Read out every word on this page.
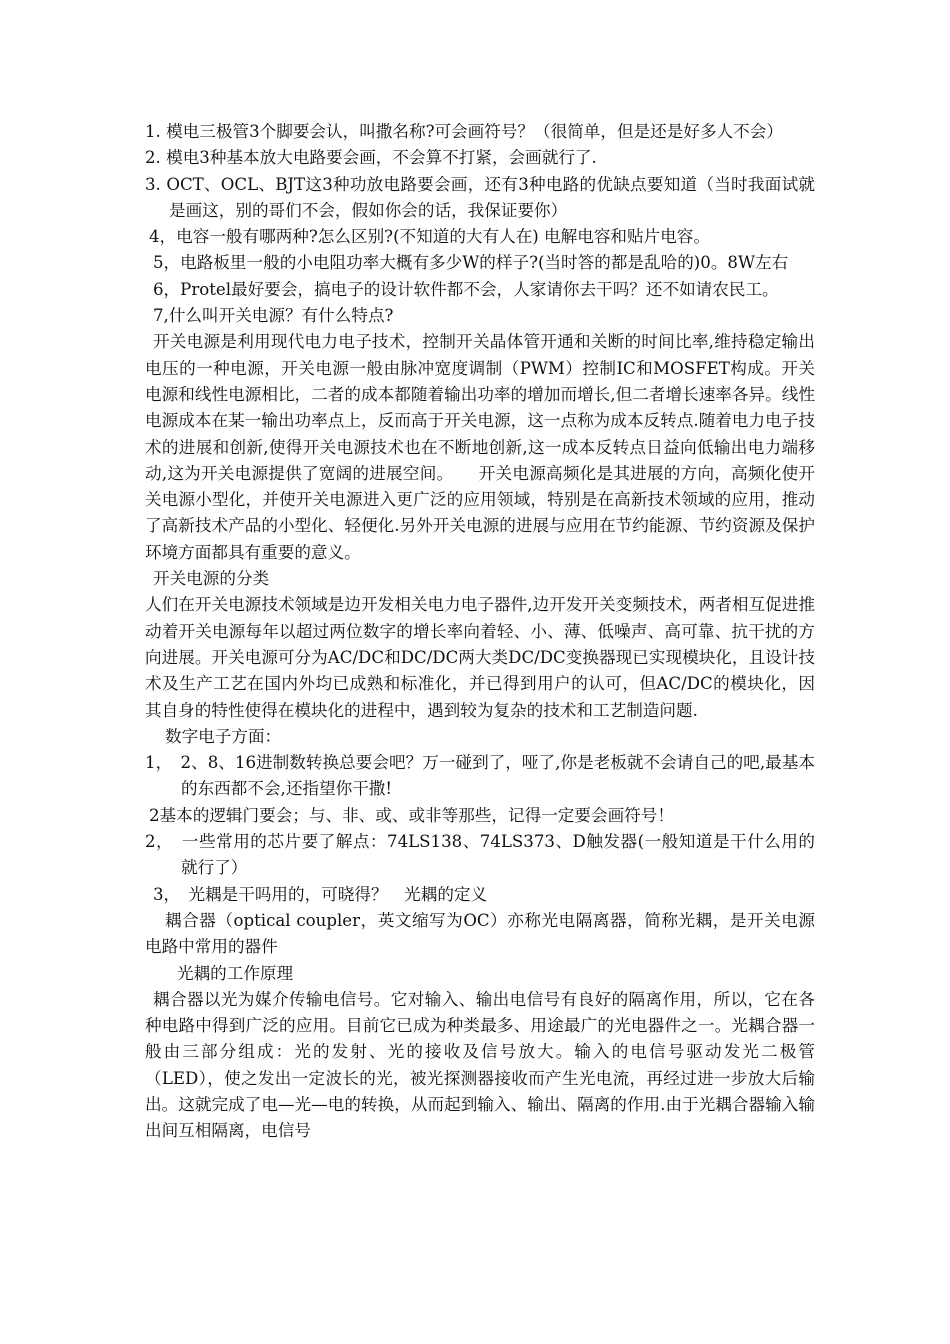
1. 模电三极管3个脚要会认，叫撒名称?可会画符号？（很简单，但是还是好多人不会）

2. 模电3种基本放大电路要会画，不会算不打紧，会画就行了.

3. OCT、OCL、BJT这3种功放电路要会画，还有3种电路的优缺点要知道（当时我面试就是画这，别的哥们不会，假如你会的话，我保证要你）

4，电容一般有哪两种?怎么区别?(不知道的大有人在) 电解电容和贴片电容。

5，电路板里一般的小电阻功率大概有多少W的样子?(当时答的都是乱哈的)0。8W左右

6，Protel最好要会，搞电子的设计软件都不会，人家请你去干吗？还不如请农民工。

7,什么叫开关电源？有什么特点?

开关电源是利用现代电力电子技术，控制开关晶体管开通和关断的时间比率,维持稳定输出电压的一种电源，开关电源一般由脉冲宽度调制（PWM）控制IC和MOSFET构成。开关电源和线性电源相比，二者的成本都随着输出功率的增加而增长,但二者增长速率各异。线性电源成本在某一输出功率点上，反而高于开关电源，这一点称为成本反转点.随着电力电子技术的进展和创新,使得开关电源技术也在不断地创新,这一成本反转点日益向低输出电力端移动,这为开关电源提供了宽阔的进展空间。　　开关电源高频化是其进展的方向，高频化使开关电源小型化，并使开关电源进入更广泛的应用领域，特别是在高新技术领域的应用，推动了高新技术产品的小型化、轻便化.另外开关电源的进展与应用在节约能源、节约资源及保护环境方面都具有重要的意义。

开关电源的分类

人们在开关电源技术领域是边开发相关电力电子器件,边开发开关变频技术，两者相互促进推动着开关电源每年以超过两位数字的增长率向着轻、小、薄、低噪声、高可靠、抗干扰的方向进展。开关电源可分为AC/DC和DC/DC两大类DC/DC变换器现已实现模块化，且设计技术及生产工艺在国内外均已成熟和标准化，并已得到用户的认可，但AC/DC的模块化，因其自身的特性使得在模块化的进程中，遇到较为复杂的技术和工艺制造问题.

数字电子方面：

1，　2、8、16进制数转换总要会吧？万一碰到了，哑了,你是老板就不会请自己的吧,最基本的东西都不会,还指望你干撒!

2基本的逻辑门要会；与、非、或、或非等那些，记得一定要会画符号！

2，　一些常用的芯片要了解点：74LS138、74LS373、D触发器(一般知道是干什么用的就行了）

3，　光耦是干吗用的，可晓得？　光耦的定义

耦合器（optical coupler，英文缩写为OC）亦称光电隔离器，简称光耦，是开关电源电路中常用的器件

光耦的工作原理

耦合器以光为媒介传输电信号。它对输入、输出电信号有良好的隔离作用，所以，它在各种电路中得到广泛的应用。目前它已成为种类最多、用途最广的光电器件之一。光耦合器一般由三部分组成：光的发射、光的接收及信号放大。输入的电信号驱动发光二极管（LED），使之发出一定波长的光，被光探测器接收而产生光电流，再经过进一步放大后输出。这就完成了电—光—电的转换，从而起到输入、输出、隔离的作用.由于光耦合器输入输出间互相隔离，电信号
